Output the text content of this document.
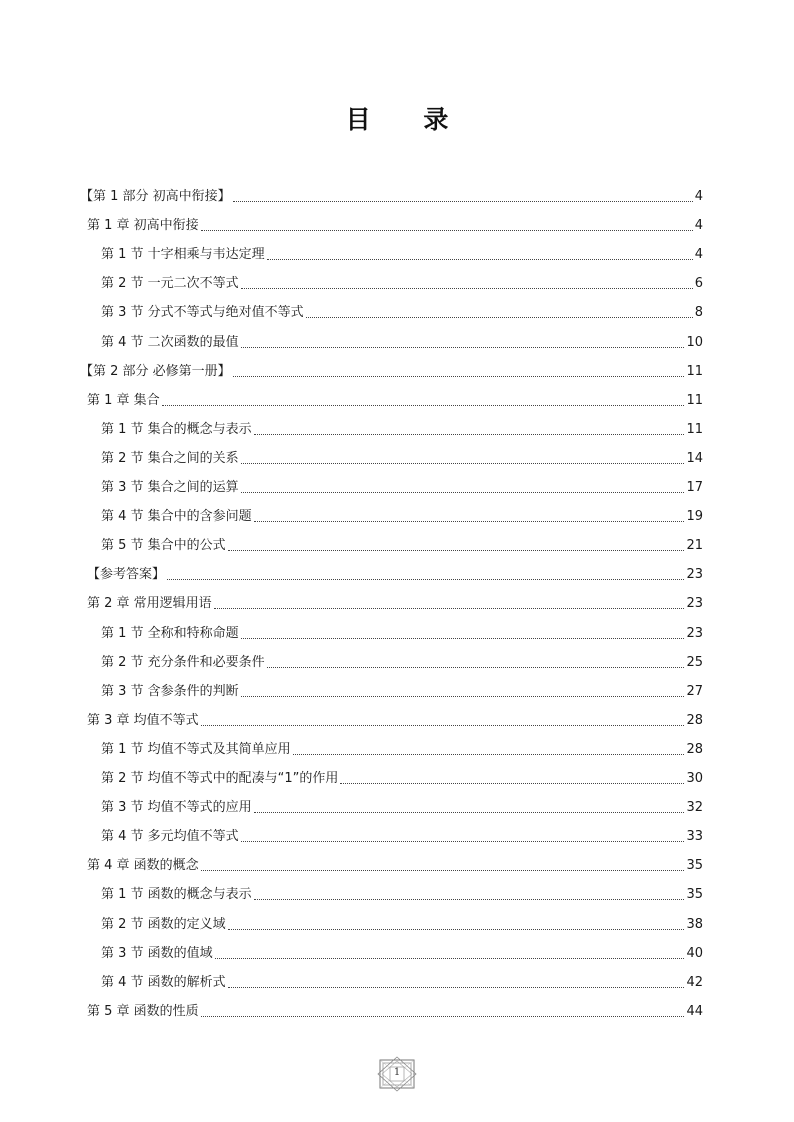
目 录
【第 1 部分 初高中衔接】	4
第 1 章 初高中衔接	4
第 1 节 十字相乘与韦达定理	4
第 2 节 一元二次不等式	6
第 3 节 分式不等式与绝对值不等式	8
第 4 节 二次函数的最值	10
【第 2 部分 必修第一册】	11
第 1 章 集合	11
第 1 节 集合的概念与表示	11
第 2 节 集合之间的关系	14
第 3 节 集合之间的运算	17
第 4 节 集合中的含参问题	19
第 5 节 集合中的公式	21
【参考答案】	23
第 2 章 常用逻辑用语	23
第 1 节 全称和特称命题	23
第 2 节 充分条件和必要条件	25
第 3 节 含参条件的判断	27
第 3 章 均值不等式	28
第 1 节 均值不等式及其简单应用	28
第 2 节 均值不等式中的配凑与“1”的作用	30
第 3 节 均值不等式的应用	32
第 4 节 多元均值不等式	33
第 4 章 函数的概念	35
第 1 节 函数的概念与表示	35
第 2 节 函数的定义域	38
第 3 节 函数的值域	40
第 4 节 函数的解析式	42
第 5 章 函数的性质	44
1
